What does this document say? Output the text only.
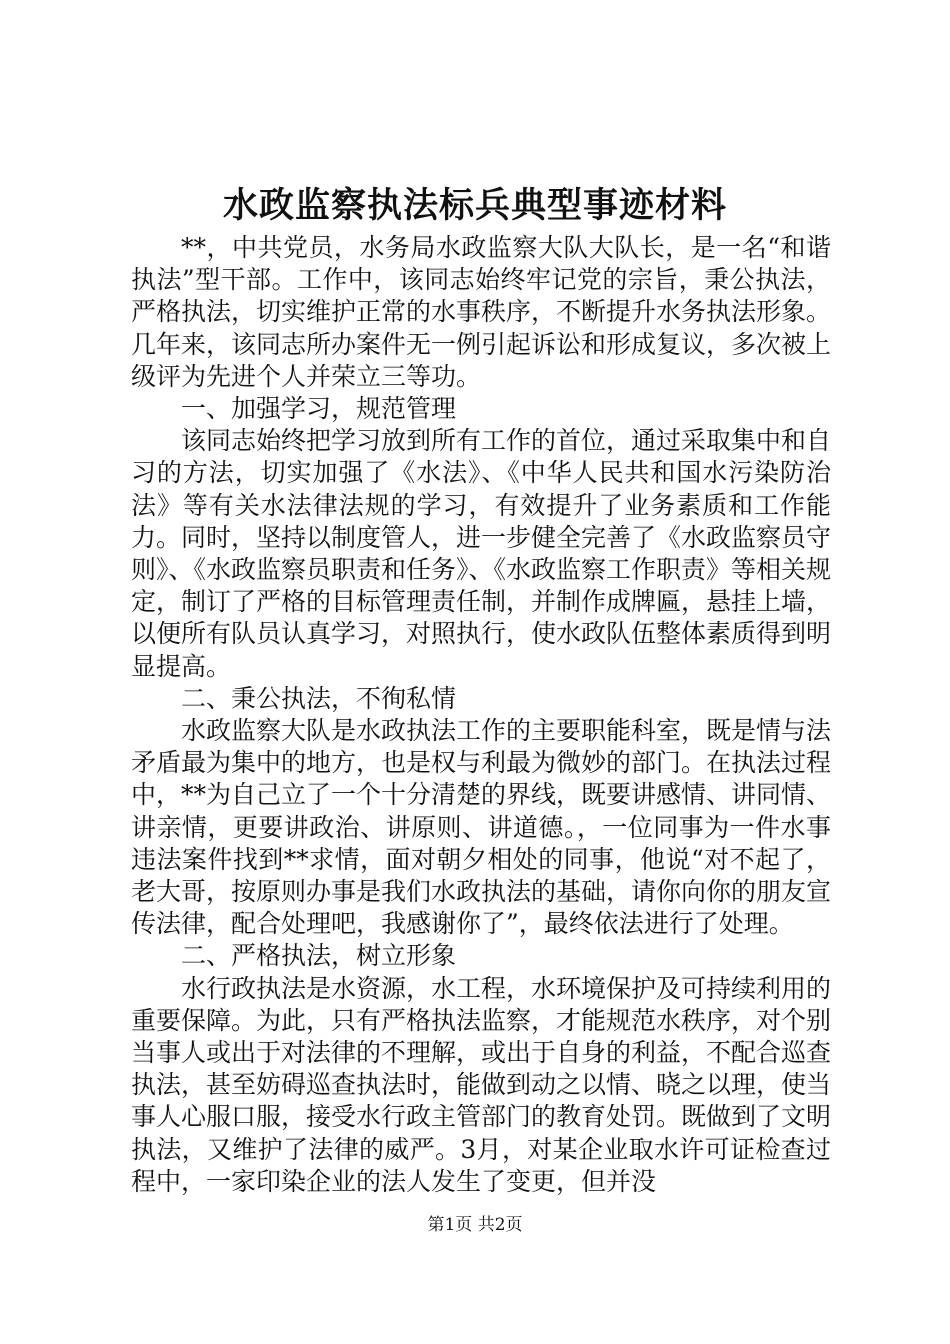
水政监察执法标兵典型事迹材料

**，中共党员，水务局水政监察大队大队长，是一名“和谐执法”型干部。工作中，该同志始终牢记党的宗旨，秉公执法，严格执法，切实维护正常的水事秩序，不断提升水务执法形象。几年来，该同志所办案件无一例引起诉讼和形成复议，多次被上级评为先进个人并荣立三等功。

一、加强学习，规范管理

该同志始终把学习放到所有工作的首位，通过采取集中和自习的方法，切实加强了《水法》、《中华人民共和国水污染防治法》等有关水法律法规的学习，有效提升了业务素质和工作能力。同时，坚持以制度管人，进一步健全完善了《水政监察员守则》、《水政监察员职责和任务》、《水政监察工作职责》等相关规定，制订了严格的目标管理责任制，并制作成牌匾，悬挂上墙，以便所有队员认真学习，对照执行，使水政队伍整体素质得到明显提高。

二、秉公执法，不徇私情

水政监察大队是水政执法工作的主要职能科室，既是情与法矛盾最为集中的地方，也是权与利最为微妙的部门。在执法过程中，**为自己立了一个十分清楚的界线，既要讲感情、讲同情、讲亲情，更要讲政治、讲原则、讲道德。，一位同事为一件水事违法案件找到**求情，面对朝夕相处的同事，他说“对不起了，老大哥，按原则办事是我们水政执法的基础，请你向你的朋友宣传法律，配合处理吧，我感谢你了”，最终依法进行了处理。

二、严格执法，树立形象

水行政执法是水资源，水工程，水环境保护及可持续利用的重要保障。为此，只有严格执法监察，才能规范水秩序，对个别当事人或出于对法律的不理解，或出于自身的利益，不配合巡查执法，甚至妨碍巡查执法时，能做到动之以情、晓之以理，使当事人心服口服，接受水行政主管部门的教育处罚。既做到了文明执法，又维护了法律的威严。3月，对某企业取水许可证检查过程中，一家印染企业的法人发生了变更，但并没

第1页 共2页
